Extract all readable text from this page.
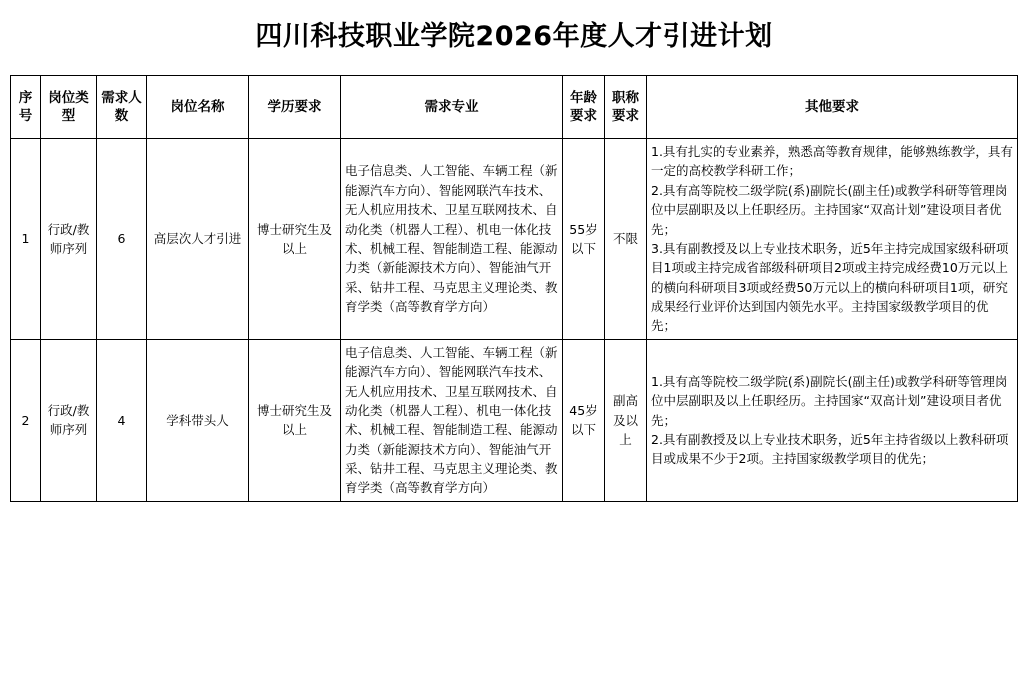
四川科技职业学院2026年度人才引进计划
序号	岗位类型	需求人数	岗位名称	学历要求	需求专业	年龄要求	职称要求	其他要求
1	行政/教师序列	6	高层次人才引进	博士研究生及以上	电子信息类、人工智能、车辆工程（新能源汽车方向）、智能网联汽车技术、无人机应用技术、卫星互联网技术、自动化类（机器人工程）、机电一体化技术、机械工程、智能制造工程、能源动力类（新能源技术方向）、智能油气开采、钻井工程、马克思主义理论类、教育学类（高等教育学方向）	55岁以下	不限	1.具有扎实的专业素养，熟悉高等教育规律，能够熟练教学，具有一定的高校教学科研工作；
2.具有高等院校二级学院(系)副院长(副主任)或教学科研等管理岗位中层副职及以上任职经历。主持国家“双高计划”建设项目者优先；
3.具有副教授及以上专业技术职务，近5年主持完成国家级科研项目1项或主持完成省部级科研项目2项或主持完成经费10万元以上的横向科研项目3项或经费50万元以上的横向科研项目1项，研究成果经行业评价达到国内领先水平。主持国家级教学项目的优先；
2	行政/教师序列	4	学科带头人	博士研究生及以上	电子信息类、人工智能、车辆工程（新能源汽车方向）、智能网联汽车技术、无人机应用技术、卫星互联网技术、自动化类（机器人工程）、机电一体化技术、机械工程、智能制造工程、能源动力类（新能源技术方向）、智能油气开采、钻井工程、马克思主义理论类、教育学类（高等教育学方向）	45岁以下	副高及以上	1.具有高等院校二级学院(系)副院长(副主任)或教学科研等管理岗位中层副职及以上任职经历。主持国家“双高计划”建设项目者优先；
2.具有副教授及以上专业技术职务，近5年主持省级以上教科研项目或成果不少于2项。主持国家级教学项目的优先；
